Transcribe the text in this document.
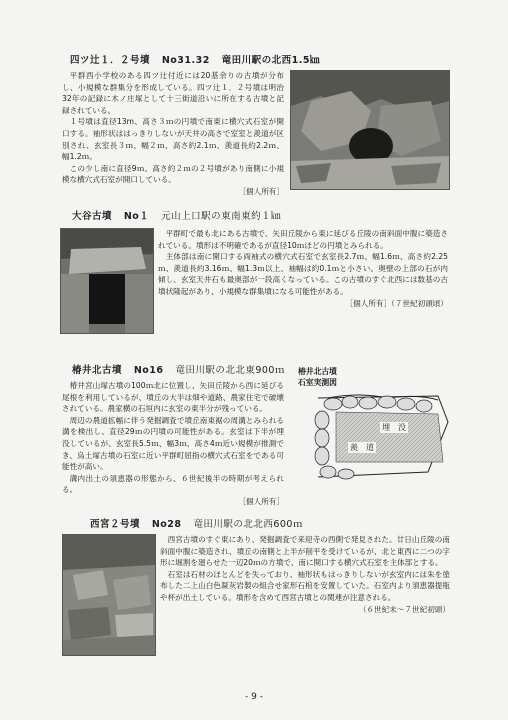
四ツ辻１．２号墳 No31.32 竜田川駅の北西1.5㎞

平群西小学校のある四ツ辻付近には20基余りの古墳が分布し、小規模な群集分を形成している。四ツ辻１．２号墳は明治32年の記録に木ノ庄塚として十三街道沿いに所在する古墳と記録されている。

１号墳は直径13m、高さ３ｍの円墳で南東に横穴式石室が開口する。袖形状ははっきりしないが天井の高さで室室と羨道が区別され、玄室長３ｍ、幅２ｍ、高さ約2.1ｍ、羨道長約2.2ｍ、幅1.2ｍ。

この少し南に直径9ｍ、高さ約２ｍの２号墳があり南側に小規模な横穴式石室が開口している。

［個人所有］

大谷古墳 No１ 元山上口駅の東南東約１㎞

平群町で最も北にある古墳で、矢田丘陵から東に延びる丘陵の南斜面中腹に築造されている。墳形は不明確であるが直径10ｍほどの円墳とみられる。

主体部は南に開口する両袖式の横穴式石室で玄室長2.7ｍ、幅1.6ｍ、高さ約2.25ｍ、羨道長約3.16ｍ、幅1.3ｍ以上、袖幅は約0.1ｍと小さい。奥壁の上部の石が内傾し、玄室天井石も最奥部が一段高くなっている。この古墳のすぐ北西には数基の古墳状隆起があり、小規模な群集墳になる可能性がある。

［個人所有］（７世紀初頭頃）

椿井北古墳 No16 竜田川駅の北北東900ｍ

椿井宮山塚古墳の100ｍ北に位置し、矢田丘陵から西に延びる尾根を利用しているが、墳丘の大半は畑や道路、農家住宅で破壊されている。農家横の石垣内に玄室の東半分が残っている。

周辺の農道拡幅に伴う発掘調査で墳丘南東裾の周溝とみられる溝を検出し、直径29ｍの円墳の可能性がある。玄室は下半が埋没しているが、玄室長5.5ｍ、幅3ｍ、高さ4ｍ近い規模が推測でき、烏土塚古墳の石室に近い平群町屈指の横穴式石室をである可能性が高い。

溝内出土の須恵器の形態から、６世紀後半の時期が考えられる。

［個人所有］

椿井北古墳
石室実測図
埋　没
羨　道
西宮２号墳 No28 竜田川駅の北北西600ｍ

西宮古墳のすぐ東にあり、発掘調査で来迎寺の西側で発見された。廿日山丘陵の南斜面中腹に築造され、墳丘の南側と上半が削平を受けているが、北と東西に二つの字形に堀割を廻らせた一辺20ｍの方墳で、南に開口する横穴式石室を主体部とする。

石室は石材のほとんどを失っており、袖形状もはっきりしないが玄室内には朱を塗布した二上山白色凝灰岩製の組合せ家形石棺を安置していた。石室内より須恵器提瓶や杯が出土している。墳形を含めて西宮古墳との関連が注意される。

（６世紀末～７世紀初頭）

- 9 -
